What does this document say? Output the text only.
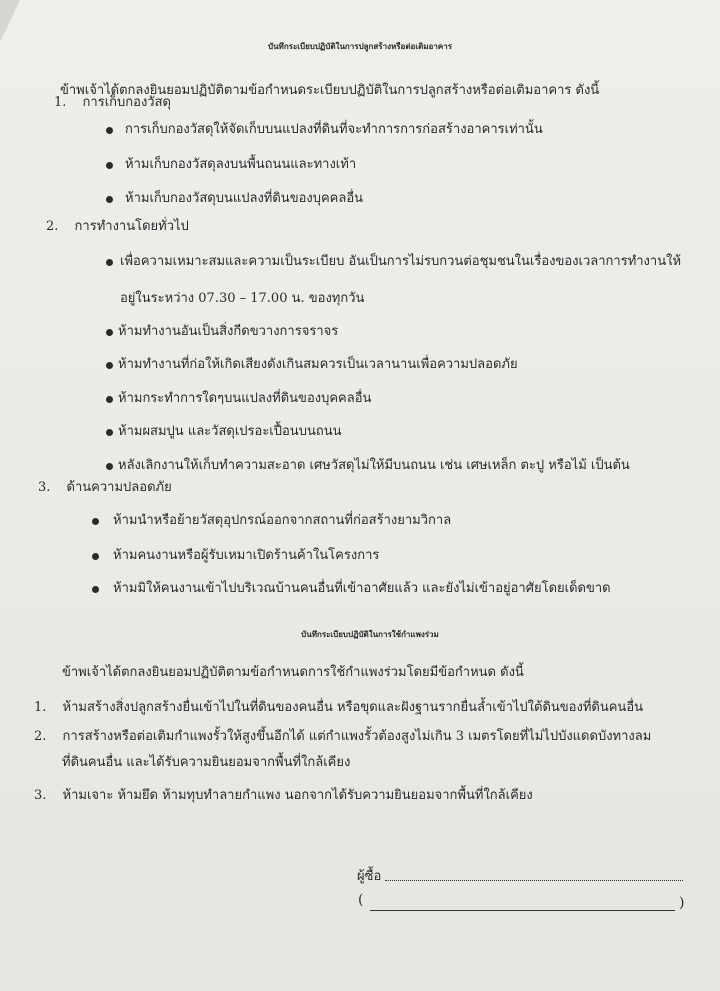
บันทึกระเบียบปฏิบัติในการปลูกสร้างหรือต่อเติมอาคาร
ข้าพเจ้าได้ตกลงยินยอมปฏิบัติตามข้อกำหนดระเบียบปฏิบัติในการปลูกสร้างหรือต่อเติมอาคาร ดังนี้
1. การเก็บกองวัสดุ
การเก็บกองวัสดุให้จัดเก็บบนแปลงที่ดินที่จะทำการการก่อสร้างอาคารเท่านั้น
ห้ามเก็บกองวัสดุลงบนพื้นถนนและทางเท้า
ห้ามเก็บกองวัสดุบนแปลงที่ดินของบุคคลอื่น
2. การทำงานโดยทั่วไป
เพื่อความเหมาะสมและความเป็นระเบียบ อันเป็นการไม่รบกวนต่อชุมชนในเรื่องของเวลาการทำงานให้
อยู่ในระหว่าง 07.30 – 17.00 น. ของทุกวัน
ห้ามทำงานอันเป็นสิ่งกีดขวางการจราจร
ห้ามทำงานที่ก่อให้เกิดเสียงดังเกินสมควรเป็นเวลานานเพื่อความปลอดภัย
ห้ามกระทำการใดๆบนแปลงที่ดินของบุคคลอื่น
ห้ามผสมปูน และวัสดุเปรอะเปื้อนบนถนน
หลังเลิกงานให้เก็บทำความสะอาด เศษวัสดุไม่ให้มีบนถนน เช่น เศษเหล็ก ตะปู หรือไม้ เป็นต้น
3. ด้านความปลอดภัย
ห้ามนำหรือย้ายวัสดุอุปกรณ์ออกจากสถานที่ก่อสร้างยามวิกาล
ห้ามคนงานหรือผู้รับเหมาเปิดร้านค้าในโครงการ
ห้ามมิให้คนงานเข้าไปบริเวณบ้านคนอื่นที่เข้าอาศัยแล้ว และยังไม่เข้าอยู่อาศัยโดยเด็ดขาด
บันทึกระเบียบปฏิบัติในการใช้กำแพงร่วม
ข้าพเจ้าได้ตกลงยินยอมปฏิบัติตามข้อกำหนดการใช้กำแพงร่วมโดยมีข้อกำหนด ดังนี้
1. ห้ามสร้างสิ่งปลูกสร้างยื่นเข้าไปในที่ดินของคนอื่น หรือขุดและฝังฐานรากยื่นล้ำเข้าไปใต้ดินของที่ดินคนอื่น
2. การสร้างหรือต่อเติมกำแพงรั้วให้สูงขึ้นอีกได้ แต่กำแพงรั้วต้องสูงไม่เกิน 3 เมตรโดยที่ไม่ไปบังแดดบังทางลม
ที่ดินคนอื่น และได้รับความยินยอมจากพื้นที่ใกล้เคียง
3. ห้ามเจาะ ห้ามยึด ห้ามทุบทำลายกำแพง นอกจากได้รับความยินยอมจากพื้นที่ใกล้เคียง
ผู้ซื้อ
(	)
